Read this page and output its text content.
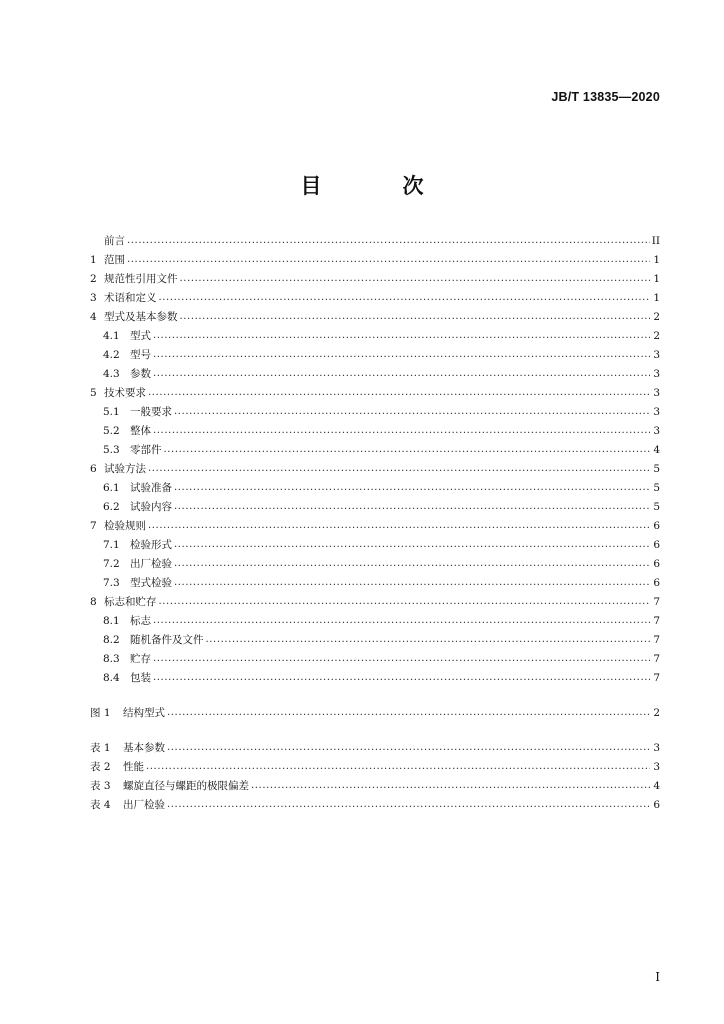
JB/T 13835—2020
目　次
前言 .....	II
1 范围 .....	1
2 规范性引用文件 .....	1
3 术语和定义 .....	1
4 型式及基本参数 .....	2
4.1 型式 .....	2
4.2 型号 .....	3
4.3 参数 .....	3
5 技术要求 .....	3
5.1 一般要求 .....	3
5.2 整体 .....	3
5.3 零部件 .....	4
6 试验方法 .....	5
6.1 试验准备 .....	5
6.2 试验内容 .....	5
7 检验规则 .....	6
7.1 检验形式 .....	6
7.2 出厂检验 .....	6
7.3 型式检验 .....	6
8 标志和贮存 .....	7
8.1 标志 .....	7
8.2 随机备件及文件 .....	7
8.3 贮存 .....	7
8.4 包装 .....	7
图 1	结构型式 .....	2
表 1	基本参数 .....	3
表 2	性能 .....	3
表 3	螺旋直径与螺距的极限偏差 .....	4
表 4	出厂检验 .....	6
I
